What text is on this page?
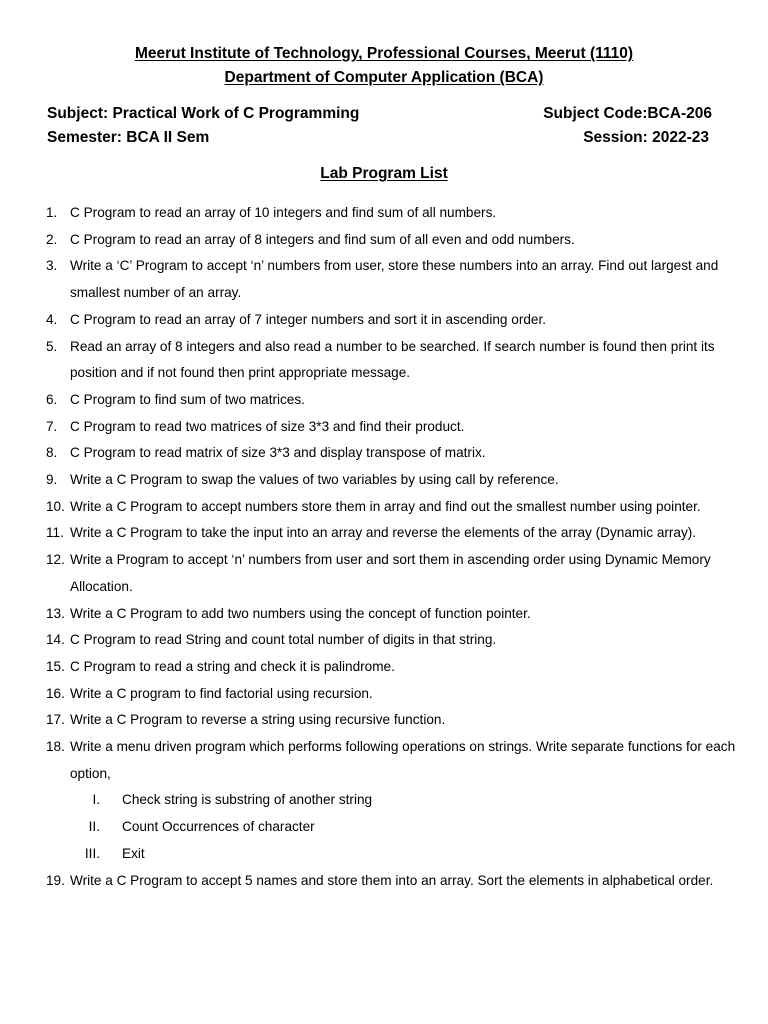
Meerut Institute of Technology, Professional Courses, Meerut (1110)
Department of Computer Application (BCA)
Subject: Practical Work of C Programming	Subject Code:BCA-206
Semester: BCA II Sem	Session: 2022-23
Lab Program List
1. C Program to read an array of 10 integers and find sum of all numbers.
2. C Program to read an array of 8 integers and find sum of all even and odd numbers.
3. Write a ‘C’ Program to accept ‘n’ numbers from user, store these numbers into an array. Find out largest and smallest number of an array.
4. C Program to read an array of 7 integer numbers and sort it in ascending order.
5. Read an array of 8 integers and also read a number to be searched. If search number is found then print its position and if not found then print appropriate message.
6. C Program to find sum of two matrices.
7. C Program to read two matrices of size 3*3 and find their product.
8. C Program to read matrix of size 3*3 and display transpose of matrix.
9. Write a C Program to swap the values of two variables by using call by reference.
10. Write a C Program to accept numbers store them in array and find out the smallest number using pointer.
11. Write a C Program to take the input into an array and reverse the elements of the array (Dynamic array).
12. Write a Program to accept ‘n’ numbers from user and sort them in ascending order using Dynamic Memory Allocation.
13. Write a C Program to add two numbers using the concept of function pointer.
14. C Program to read String and count total number of digits in that string.
15. C Program to read a string and check it is palindrome.
16. Write a C program to find factorial using recursion.
17. Write a C Program to reverse a string using recursive function.
18. Write a menu driven program which performs following operations on strings. Write separate functions for each option,
I. Check string is substring of another string
II. Count Occurrences of character
III. Exit
19. Write a C Program to accept 5 names and store them into an array. Sort the elements in alphabetical order.
